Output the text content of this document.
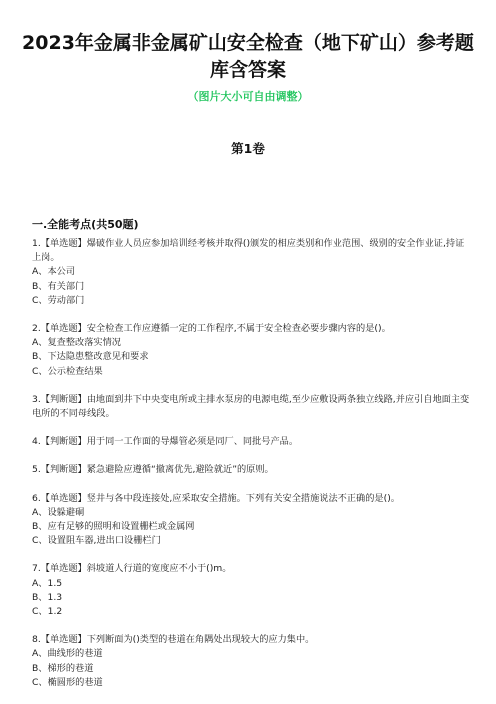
2023年金属非金属矿山安全检查（地下矿山）参考题库含答案
（图片大小可自由调整）
第1卷
一.全能考点(共50题)
1.【单选题】爆破作业人员应参加培训经考核并取得()颁发的相应类别和作业范围、级别的安全作业证,持证上岗。
A、本公司
B、有关部门
C、劳动部门
2.【单选题】安全检查工作应遵循一定的工作程序,不属于安全检查必要步骤内容的是()。
A、复查整改落实情况
B、下达隐患整改意见和要求
C、公示检查结果
3.【判断题】由地面到井下中央变电所或主排水泵房的电源电缆,至少应敷设两条独立线路,并应引自地面主变电所的不同母线段。
4.【判断题】用于同一工作面的导爆管必须是同厂、同批号产品。
5.【判断题】紧急避险应遵循“撤离优先,避险就近”的原则。
6.【单选题】竖井与各中段连接处,应采取安全措施。下列有关安全措施说法不正确的是()。
A、设躲避硐
B、应有足够的照明和设置栅栏或金属网
C、设置阻车器,进出口设栅栏门
7.【单选题】斜坡道人行道的宽度应不小于()m。
A、1.5
B、1.3
C、1.2
8.【单选题】下列断面为()类型的巷道在角隅处出现较大的应力集中。
A、曲线形的巷道
B、梯形的巷道
C、椭圆形的巷道
